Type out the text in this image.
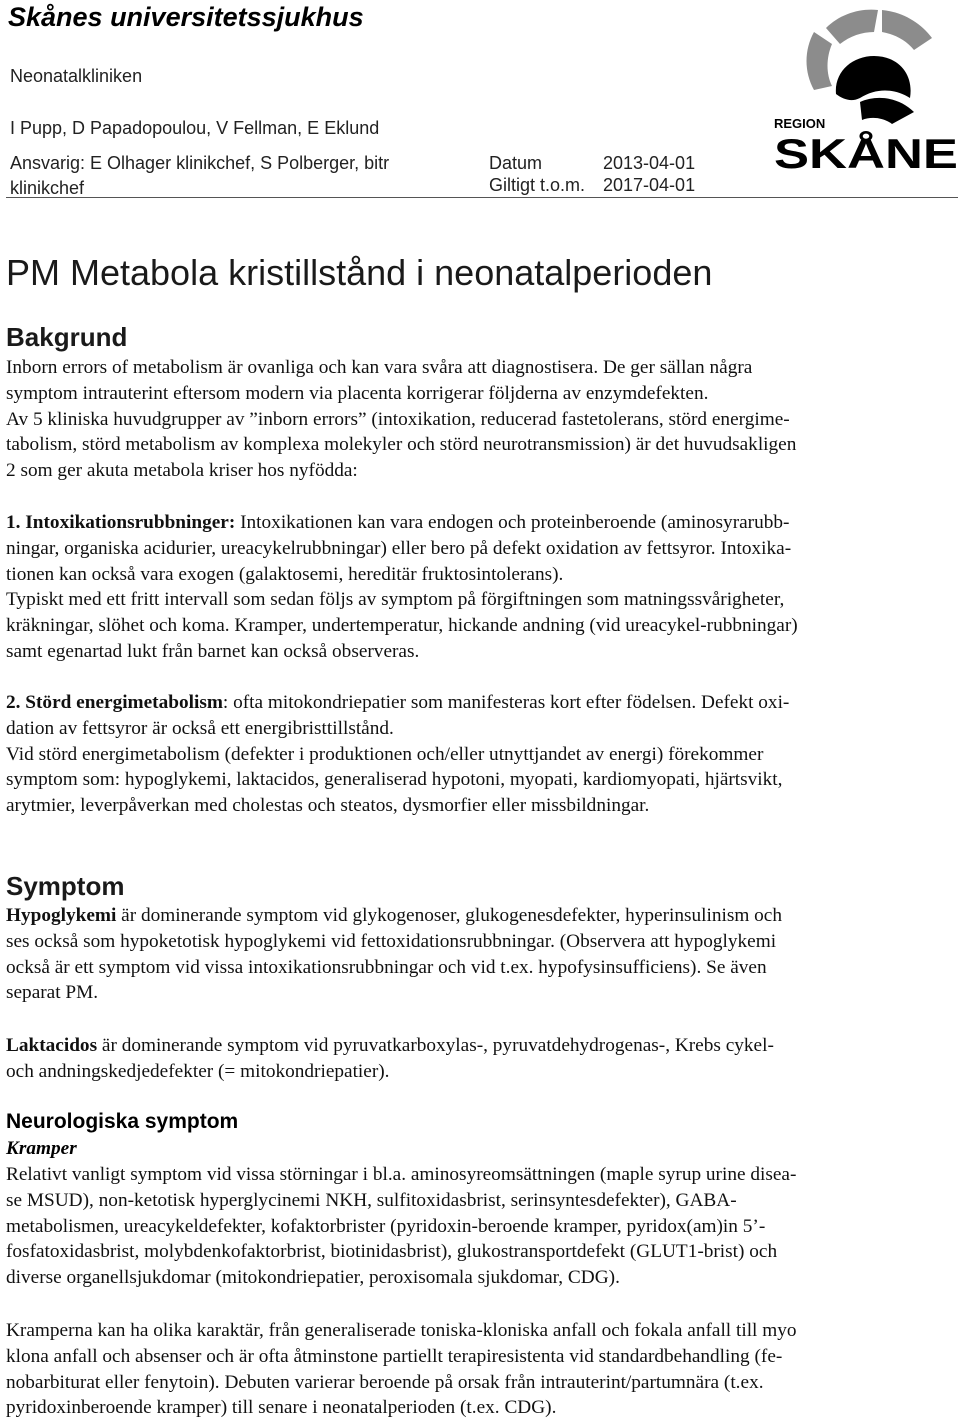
Skånes universitetssjukhus
Neonatalkliniken
I Pupp, D Papadopoulou, V Fellman, E Eklund
Ansvarig: E Olhager klinikchef, S Polberger, bitr
klinikchef
Datum	2013-04-01
Giltigt t.o.m. 2017-04-01
REGION
SKÅNE
PM Metabola kristillstånd i neonatalperioden
Bakgrund
Inborn errors of metabolism är ovanliga och kan vara svåra att diagnostisera. De ger sällan några
symptom intrauterint eftersom modern via placenta korrigerar följderna av enzymdefekten.
Av 5 kliniska huvudgrupper av ”inborn errors” (intoxikation, reducerad fastetolerans, störd energime-
tabolism, störd metabolism av komplexa molekyler och störd neurotransmission) är det huvudsakligen
2 som ger akuta metabola kriser hos nyfödda:
1. Intoxikationsrubbninger: Intoxikationen kan vara endogen och proteinberoende (aminosyrarubb-
ningar, organiska acidurier, ureacykelrubbningar) eller bero på defekt oxidation av fettsyror. Intoxika-
tionen kan också vara exogen (galaktosemi, hereditär fruktosintolerans).
Typiskt med ett fritt intervall som sedan följs av symptom på förgiftningen som matningssvårigheter,
kräkningar, slöhet och koma. Kramper, undertemperatur, hickande andning (vid ureacykel-rubbningar)
samt egenartad lukt från barnet kan också observeras.
2. Störd energimetabolism: ofta mitokondriepatier som manifesteras kort efter födelsen. Defekt oxi-
dation av fettsyror är också ett energibristtillstånd.
Vid störd energimetabolism (defekter i produktionen och/eller utnyttjandet av energi) förekommer
symptom som: hypoglykemi, laktacidos, generaliserad hypotoni, myopati, kardiomyopati, hjärtsvikt,
arytmier, leverpåverkan med cholestas och steatos, dysmorfier eller missbildningar.
Symptom
Hypoglykemi är dominerande symptom vid glykogenoser, glukogenesdefekter, hyperinsulinism och
ses också som hypoketotisk hypoglykemi vid fettoxidationsrubbningar. (Observera att hypoglykemi
också är ett symptom vid vissa intoxikationsrubbningar och vid t.ex. hypofysinsufficiens). Se även
separat PM.
Laktacidos är dominerande symptom vid pyruvatkarboxylas-, pyruvatdehydrogenas-, Krebs cykel-
och andningskedjedefekter (= mitokondriepatier).
Neurologiska symptom
Kramper
Relativt vanligt symptom vid vissa störningar i bl.a. aminosyreomsättningen (maple syrup urine disea-
se MSUD), non-ketotisk hyperglycinemi NKH, sulfitoxidasbrist, serinsyntesdefekter), GABA-
metabolismen, ureacykeldefekter, kofaktorbrister (pyridoxin-beroende kramper, pyridox(am)in 5’-
fosfatoxidasbrist, molybdenkofaktorbrist, biotinidasbrist), glukostransportdefekt (GLUT1-brist) och
diverse organellsjukdomar (mitokondriepatier, peroxisomala sjukdomar, CDG).
Kramperna kan ha olika karaktär, från generaliserade toniska-kloniska anfall och fokala anfall till myo
klona anfall och absenser och är ofta åtminstone partiellt terapiresistenta vid standardbehandling (fe-
nobarbiturat eller fenytoin). Debuten varierar beroende på orsak från intrauterint/partumnära (t.ex.
pyridoxinberoende kramper) till senare i neonatalperioden (t.ex. CDG).
